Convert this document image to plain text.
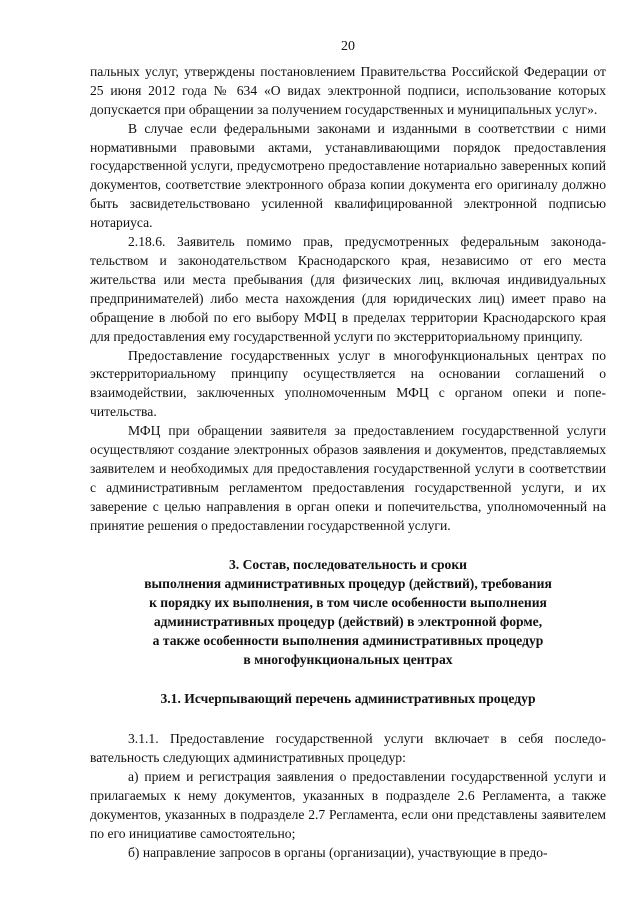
20

пальных услуг, утверждены постановлением Правительства Российской Федерации от 25 июня 2012 года № 634 «О видах электронной подписи, использование которых допускается при обращении за получением государственных и муниципальных услуг».

В случае если федеральными законами и изданными в соответствии с ними нормативными правовыми актами, устанавливающими порядок предоставления государственной услуги, предусмотрено предоставление нотариально заверенных копий документов, соответствие электронного образа копии документа его оригиналу должно быть засвидетельствовано усиленной квалифицированной электронной подписью нотариуса.

2.18.6. Заявитель помимо прав, предусмотренных федеральным законодательством и законодательством Краснодарского края, независимо от его места жительства или места пребывания (для физических лиц, включая индивидуальных предпринимателей) либо места нахождения (для юридических лиц) имеет право на обращение в любой по его выбору МФЦ в пределах территории Краснодарского края для предоставления ему государственной услуги по экстерриториальному принципу.

Предоставление государственных услуг в многофункциональных центрах по экстерриториальному принципу осуществляется на основании соглашений о взаимодействии, заключенных уполномоченным МФЦ с органом опеки и попечительства.

МФЦ при обращении заявителя за предоставлением государственной услуги осуществляют создание электронных образов заявления и документов, представляемых заявителем и необходимых для предоставления государственной услуги в соответствии с административным регламентом предоставления государственной услуги, и их заверение с целью направления в орган опеки и попечительства, уполномоченный на принятие решения о предоставлении государственной услуги.

3. Состав, последовательность и сроки
выполнения административных процедур (действий), требования
к порядку их выполнения, в том числе особенности выполнения
административных процедур (действий) в электронной форме,
а также особенности выполнения административных процедур
в многофункциональных центрах
3.1. Исчерпывающий перечень административных процедур

3.1.1. Предоставление государственной услуги включает в себя последовательность следующих административных процедур:

а) прием и регистрация заявления о предоставлении государственной услуги и прилагаемых к нему документов, указанных в подразделе 2.6 Регламента, а также документов, указанных в подразделе 2.7 Регламента, если они представлены заявителем по его инициативе самостоятельно;

б) направление запросов в органы (организации), участвующие в предо-
